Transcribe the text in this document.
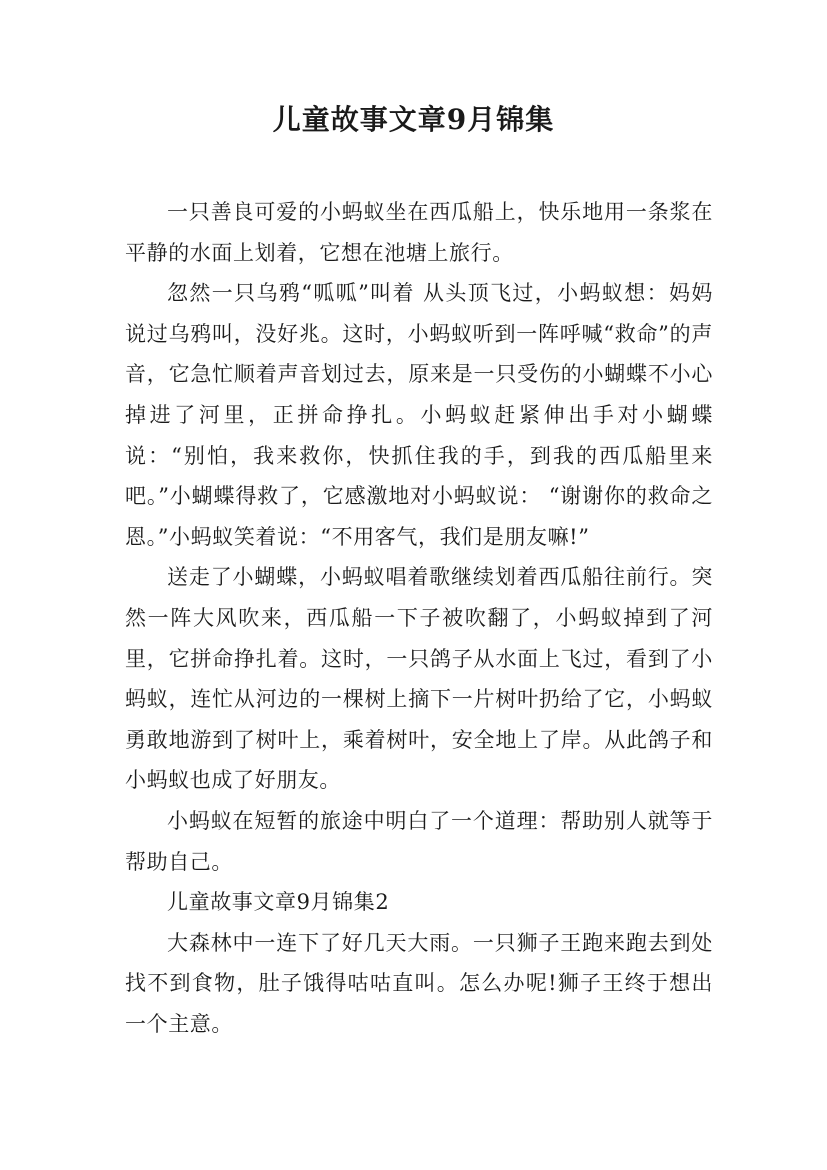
儿童故事文章9月锦集

一只善良可爱的小蚂蚁坐在西瓜船上，快乐地用一条浆在平静的水面上划着，它想在池塘上旅行。

忽然一只乌鸦“呱呱”叫着 从头顶飞过，小蚂蚁想：妈妈说过乌鸦叫，没好兆。这时，小蚂蚁听到一阵呼喊“救命”的声音，它急忙顺着声音划过去，原来是一只受伤的小蝴蝶不小心掉进了河里，正拼命挣扎。小蚂蚁赶紧伸出手对小蝴蝶说：“别怕，我来救你，快抓住我的手，到我的西瓜船里来吧。”小蝴蝶得救了，它感激地对小蚂蚁说： “谢谢你的救命之恩。”小蚂蚁笑着说：“不用客气，我们是朋友嘛!”

送走了小蝴蝶，小蚂蚁唱着歌继续划着西瓜船往前行。突然一阵大风吹来，西瓜船一下子被吹翻了，小蚂蚁掉到了河里，它拼命挣扎着。这时，一只鸽子从水面上飞过，看到了小蚂蚁，连忙从河边的一棵树上摘下一片树叶扔给了它，小蚂蚁勇敢地游到了树叶上，乘着树叶，安全地上了岸。从此鸽子和小蚂蚁也成了好朋友。

小蚂蚁在短暂的旅途中明白了一个道理：帮助别人就等于帮助自己。

儿童故事文章9月锦集2

大森林中一连下了好几天大雨。一只狮子王跑来跑去到处找不到食物，肚子饿得咕咕直叫。怎么办呢!狮子王终于想出一个主意。
